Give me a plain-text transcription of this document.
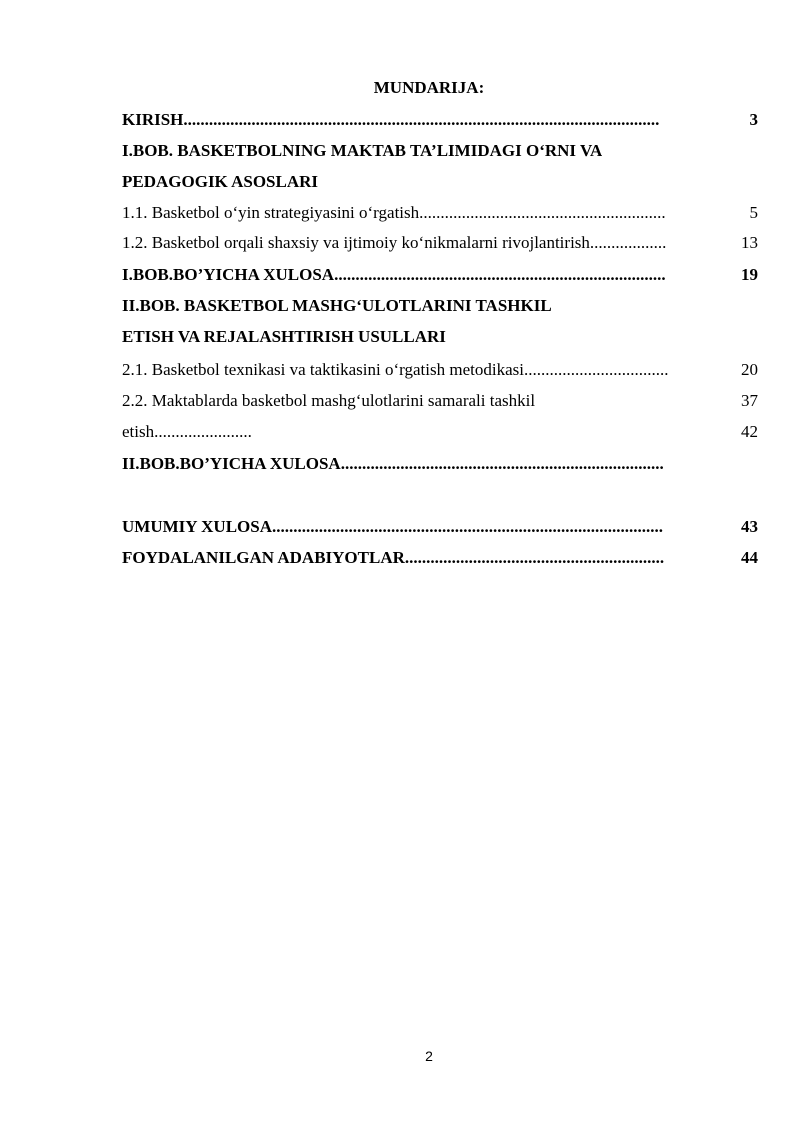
MUNDARIJA:
KIRISH................................................................................................................	3
I.BOB. BASKETBOLNING MAKTAB TA’LIMIDAGI O‘RNI VA
PEDAGOGIK ASOSLARI
1.1. Basketbol o‘yin strategiyasini o‘rgatish..........................................................	5
1.2. Basketbol orqali shaxsiy va ijtimoiy ko‘nikmalarni rivojlantirish..................	13
I.BOB.BO’YICHA XULOSA..............................................................................	19
II.BOB. BASKETBOL MASHG‘ULOTLARINI TASHKIL
ETISH VA REJALASHTIRISH USULLARI
2.1. Basketbol texnikasi va taktikasini o‘rgatish metodikasi..................................	20
2.2. Maktablarda basketbol mashg‘ulotlarini samarali tashkil	37
etish.......................	42
II.BOB.BO’YICHA XULOSA............................................................................
UMUMIY XULOSA............................................................................................	43
FOYDALANILGAN ADABIYOTLAR.............................................................	44
2
